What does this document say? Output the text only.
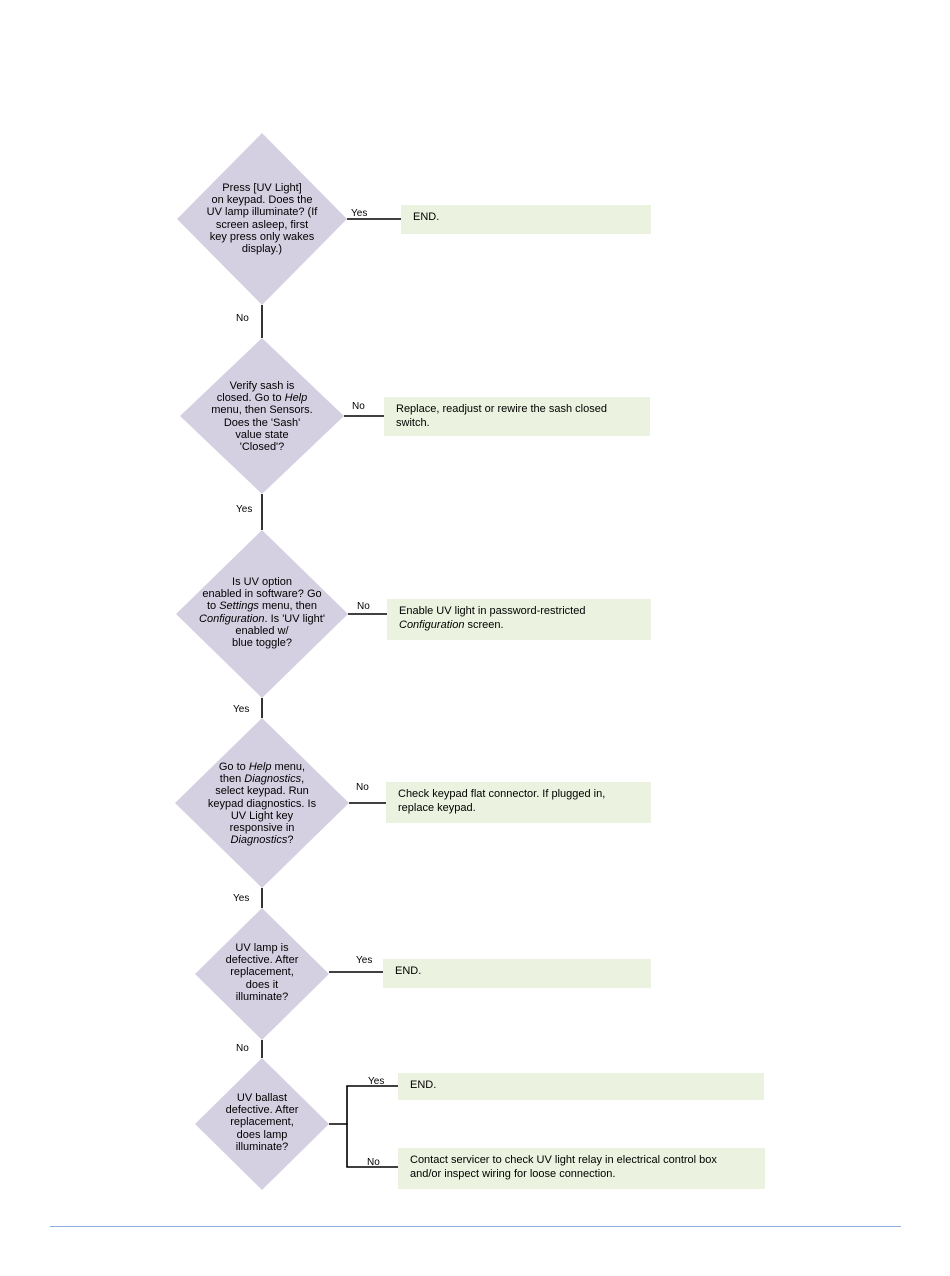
END.
Replace, readjust or rewire the sash closed
switch.
Enable UV light in password-restricted
Configuration screen.
Check keypad flat connector. If plugged in,
replace keypad.
END.
END.
Contact servicer to check UV light relay in electrical control box
and/or inspect wiring for loose connection.
Press [UV Light]
on keypad. Does the
UV lamp illuminate? (If
screen asleep, first
key press only wakes
display.)
Verify sash is
closed. Go to Help
menu, then Sensors.
Does the 'Sash'
value state
'Closed'?
Is UV option
enabled in software? Go
to Settings menu, then
Configuration. Is 'UV light'
enabled w/
blue toggle?
Go to Help menu,
then Diagnostics,
select keypad. Run
keypad diagnostics. Is
UV Light key
responsive in
Diagnostics?
UV lamp is
defective. After
replacement,
does it
illuminate?
UV ballast
defective. After
replacement,
does lamp
illuminate?
Yes
No
No
Yes
No
Yes
No
Yes
Yes
No
Yes
No
